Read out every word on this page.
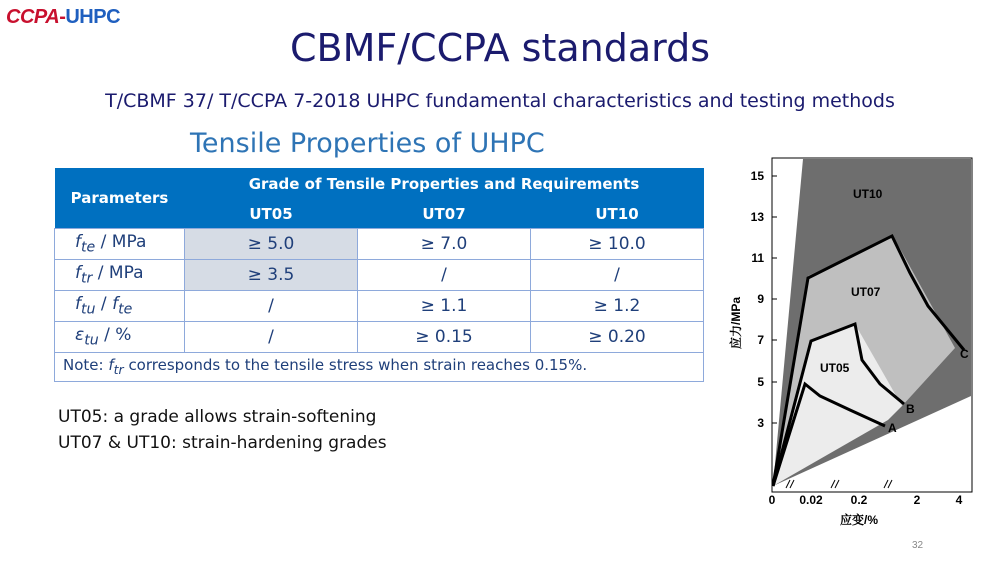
CCPA-UHPC
CBMF/CCPA standards
T/CBMF 37/ T/CCPA 7-2018 UHPC fundamental characteristics and testing methods
Tensile Properties of UHPC
Parameters	Grade of Tensile Properties and Requirements		
	UT05	UT07	UT10
$f_{te}$ / MPa	≥ 5.0	≥ 7.0	≥ 10.0
$f_{tr}$ / MPa	≥ 3.5	/	/
$f_{tu} / f_{te}$	/	≥ 1.1	≥ 1.2
$\varepsilon_{tu}$ / %	/	≥ 0.15	≥ 0.20
Note: $f_{tr}$ corresponds to the tensile stress when strain reaches 0.15%.			
UT05: a grade allows strain-softening
UT07 & UT10: strain-hardening grades
15
13
11
9
7
5
3
0 0.02 0.2	2	4
应变/%
应力/MPa
UT10
UT07
UT05
A
B
C
32
